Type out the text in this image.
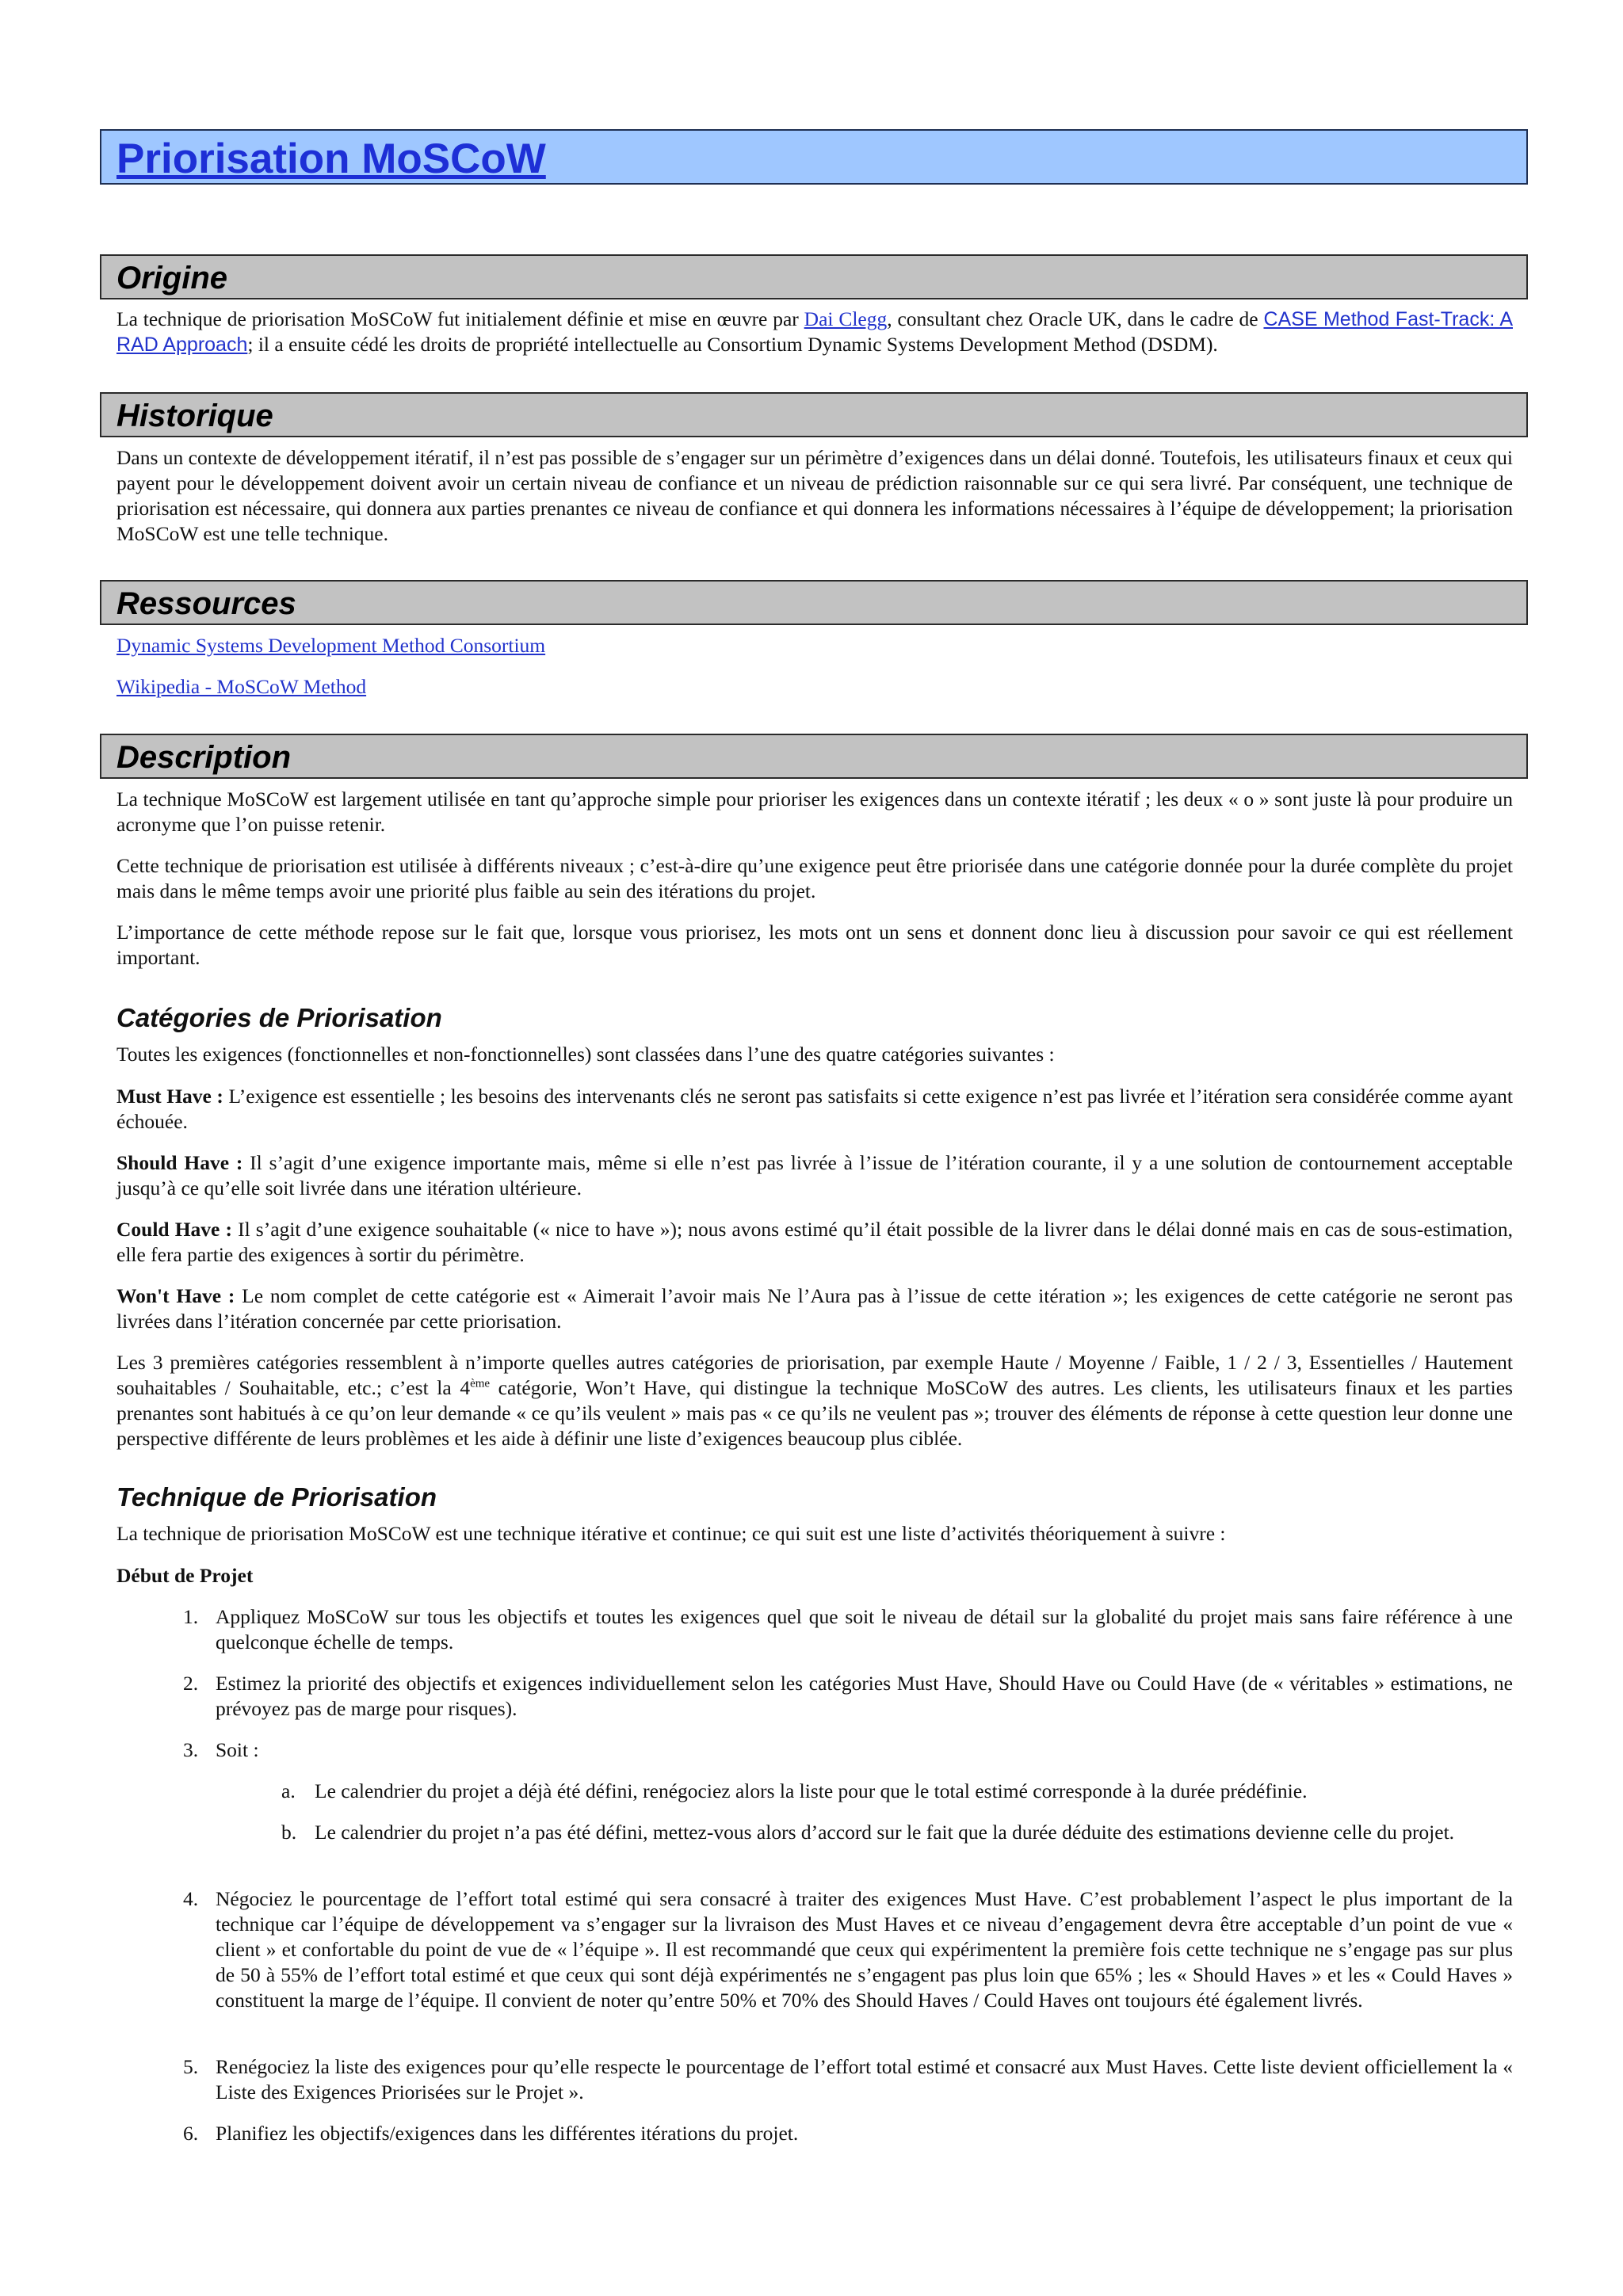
Priorisation MoSCoW
Origine
La technique de priorisation MoSCoW fut initialement définie et mise en œuvre par Dai Clegg, consultant chez Oracle UK, dans le cadre de CASE Method Fast-Track: A RAD Approach; il a ensuite cédé les droits de propriété intellectuelle au Consortium Dynamic Systems Development Method (DSDM).
Historique
Dans un contexte de développement itératif, il n’est pas possible de s’engager sur un périmètre d’exigences dans un délai donné. Toutefois, les utilisateurs finaux et ceux qui payent pour le développement doivent avoir un certain niveau de confiance et un niveau de prédiction raisonnable sur ce qui sera livré. Par conséquent, une technique de priorisation est nécessaire, qui donnera aux parties prenantes ce niveau de confiance et qui donnera les informations nécessaires à l’équipe de développement; la priorisation MoSCoW est une telle technique.
Ressources
Dynamic Systems Development Method Consortium
Wikipedia - MoSCoW Method
Description
La technique MoSCoW est largement utilisée en tant qu’approche simple pour prioriser les exigences dans un contexte itératif ; les deux « o » sont juste là pour produire un acronyme que l’on puisse retenir.
Cette technique de priorisation est utilisée à différents niveaux ; c’est-à-dire qu’une exigence peut être priorisée dans une catégorie donnée pour la durée complète du projet mais dans le même temps avoir une priorité plus faible au sein des itérations du projet.
L’importance de cette méthode repose sur le fait que, lorsque vous priorisez, les mots ont un sens et donnent donc lieu à discussion pour savoir ce qui est réellement important.
Catégories de Priorisation
Toutes les exigences (fonctionnelles et non-fonctionnelles) sont classées dans l’une des quatre catégories suivantes :
Must Have : L’exigence est essentielle ; les besoins des intervenants clés ne seront pas satisfaits si cette exigence n’est pas livrée et l’itération sera considérée comme ayant échouée.
Should Have : Il s’agit d’une exigence importante mais, même si elle n’est pas livrée à l’issue de l’itération courante, il y a une solution de contournement acceptable jusqu’à ce qu’elle soit livrée dans une itération ultérieure.
Could Have : Il s’agit d’une exigence souhaitable (« nice to have »); nous avons estimé qu’il était possible de la livrer dans le délai donné mais en cas de sous-estimation, elle fera partie des exigences à sortir du périmètre.
Won't Have : Le nom complet de cette catégorie est « Aimerait l’avoir mais Ne l’Aura pas à l’issue de cette itération »; les exigences de cette catégorie ne seront pas livrées dans l’itération concernée par cette priorisation.
Les 3 premières catégories ressemblent à n’importe quelles autres catégories de priorisation, par exemple Haute / Moyenne / Faible, 1 / 2 / 3, Essentielles / Hautement souhaitables / Souhaitable, etc.; c’est la 4ème catégorie, Won’t Have, qui distingue la technique MoSCoW des autres. Les clients, les utilisateurs finaux et les parties prenantes sont habitués à ce qu’on leur demande « ce qu’ils veulent » mais pas « ce qu’ils ne veulent pas »; trouver des éléments de réponse à cette question leur donne une perspective différente de leurs problèmes et les aide à définir une liste d’exigences beaucoup plus ciblée.
Technique de Priorisation
La technique de priorisation MoSCoW est une technique itérative et continue; ce qui suit est une liste d’activités théoriquement à suivre :
Début de Projet
1. Appliquez MoSCoW sur tous les objectifs et toutes les exigences quel que soit le niveau de détail sur la globalité du projet mais sans faire référence à une quelconque échelle de temps.
2. Estimez la priorité des objectifs et exigences individuellement selon les catégories Must Have, Should Have ou Could Have (de « véritables » estimations, ne prévoyez pas de marge pour risques).
3. Soit :
a. Le calendrier du projet a déjà été défini, renégociez alors la liste pour que le total estimé corresponde à la durée prédéfinie.
b. Le calendrier du projet n’a pas été défini, mettez-vous alors d’accord sur le fait que la durée déduite des estimations devienne celle du projet.
4. Négociez le pourcentage de l’effort total estimé qui sera consacré à traiter des exigences Must Have. C’est probablement l’aspect le plus important de la technique car l’équipe de développement va s’engager sur la livraison des Must Haves et ce niveau d’engagement devra être acceptable d’un point de vue « client » et confortable du point de vue de « l’équipe ». Il est recommandé que ceux qui expérimentent la première fois cette technique ne s’engage pas sur plus de 50 à 55% de l’effort total estimé et que ceux qui sont déjà expérimentés ne s’engagent pas plus loin que 65% ; les « Should Haves » et les « Could Haves » constituent la marge de l’équipe. Il convient de noter qu’entre 50% et 70% des Should Haves / Could Haves ont toujours été également livrés.
5. Renégociez la liste des exigences pour qu’elle respecte le pourcentage de l’effort total estimé et consacré aux Must Haves. Cette liste devient officiellement la « Liste des Exigences Priorisées sur le Projet ».
6. Planifiez les objectifs/exigences dans les différentes itérations du projet.
